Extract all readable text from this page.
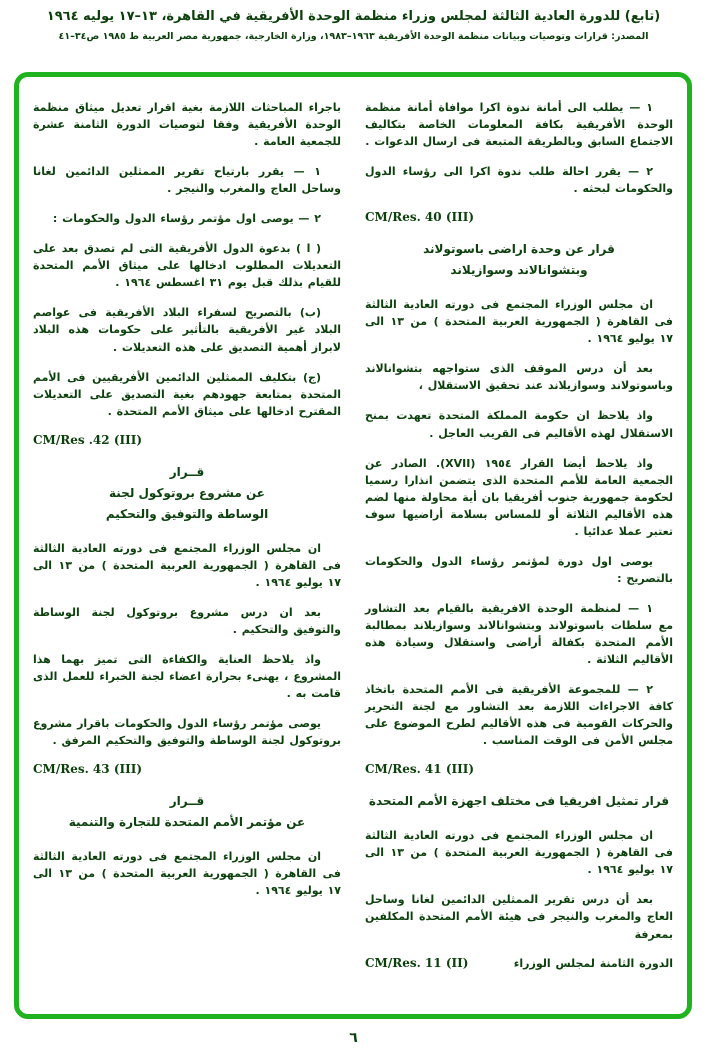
(تابع) للدورة العادية الثالثة لمجلس وزراء منظمة الوحدة الأفريقية في القاهرة، ١٣–١٧ يوليه ١٩٦٤
المصدر: قرارات وتوصيات وبيانات منظمة الوحدة الأفريقية ١٩٦٣–١٩٨٣، وزارة الخارجية، جمهورية مصر العربية ط ١٩٨٥ ص٣٤–٤١
١ — يطلب الى أمانة ندوة اكرا موافاة أمانة منظمة الوحدة الأفريقية بكافة المعلومات الخاصة بتكاليف الاجتماع السابق وبالطريقة المتبعة فى ارسال الدعوات .
٢ — يقرر احالة طلب ندوة اكرا الى رؤساء الدول والحكومات لبحثه .
CM/Res. 40 (III)
قرار عن وحدة اراضى باسوتولاند
وبتشوانالاند وسوازيلاند
ان مجلس الوزراء المجتمع فى دورته العادية الثالثة فى القاهرة ( الجمهورية العربية المتحدة ) من ١٣ الى ١٧ يوليو ١٩٦٤ .
بعد أن درس الموقف الذى ستواجهه بتشوانالاند وباسوتولاند وسوازيلاند عند تحقيق الاستقلال ،
واذ يلاحظ ان حكومة المملكة المتحدة تعهدت بمنح الاستقلال لهذه الأقاليم فى القريب العاجل .
واذ يلاحظ أيضا القرار ١٩٥٤ (XVII). الصادر عن الجمعية العامة للأمم المتحدة الذى يتضمن انذارا رسميا لحكومة جمهورية جنوب أفريقيا بان أية محاولة منها لضم هذه الأقاليم الثلاثة أو للمساس بسلامة أراضيها سوف تعتبر عملا عدائيا .
يوصى اول دورة لمؤتمر رؤساء الدول والحكومات بالتصريح :
١ — لمنظمة الوحدة الافريقية بالقيام بعد التشاور مع سلطات باسوتولاند وبتشوانالاند وسوازيلاند بمطالبة الأمم المتحدة بكفالة أراضى واستقلال وسيادة هذه الأقاليم الثلاثة .
٢ — للمجموعة الأفريقية فى الأمم المتحدة باتخاذ كافة الاجراءات اللازمة بعد التشاور مع لجنة التحرير والحركات القومية فى هذه الأقاليم لطرح الموضوع على مجلس الأمن فى الوقت المناسب .
CM/Res. 41 (III)
قرار تمثيل افريقيا فى مختلف اجهزة الأمم المتحدة
ان مجلس الوزراء المجتمع فى دورته العادية الثالثة فى القاهرة ( الجمهورية العربية المتحدة ) من ١٣ الى ١٧ يوليو ١٩٦٤ .
بعد أن درس تقرير الممثلين الدائمين لغانا وساحل العاج والمغرب والنيجر فى هيئة الأمم المتحدة المكلفين بمعرفة
CM/Res. 11 (II)	الدورة الثامنة لمجلس الوزراء
باجراء المباحثات اللازمة بغية اقرار تعديل ميثاق منظمة الوحدة الأفريقية وفقا لتوصيات الدورة الثامنة عشرة للجمعية العامة .
١ — يقرر بارتياح تقرير الممثلين الدائمين لغانا وساحل العاج والمغرب والنيجر .
٢ — يوصى اول مؤتمر رؤساء الدول والحكومات :
( ا ) بدعوة الدول الأفريقية التى لم تصدق بعد على التعديلات المطلوب ادخالها على ميثاق الأمم المتحدة للقيام بذلك قبل يوم ٣١ اغسطس ١٩٦٤ .
(ب) بالتصريح لسفراء البلاد الأفريقية فى عواصم البلاد غير الأفريقية بالتأثير على حكومات هذه البلاد لابراز أهمية التصديق على هذه التعديلات .
(ج) بتكليف الممثلين الدائمين الأفريقيين فى الأمم المتحدة بمتابعة جهودهم بغية التصديق على التعديلات المقترح ادخالها على ميثاق الأمم المتحدة .
CM/Res .42 (III)
قــرار
عن مشروع بروتوكول لجنة
الوساطة والتوفيق والتحكيم
ان مجلس الوزراء المجتمع فى دورته العادية الثالثة فى القاهرة ( الجمهورية العربية المتحدة ) من ١٣ الى ١٧ يوليو ١٩٦٤ .
بعد ان درس مشروع بروتوكول لجنة الوساطة والتوفيق والتحكيم .
واذ يلاحظ العناية والكفاءة التى تميز بهما هذا المشروع ، يهنىء بحرارة اعضاء لجنة الخبراء للعمل الذى قامت به .
يوصى مؤتمر رؤساء الدول والحكومات باقرار مشروع بروتوكول لجنة الوساطة والتوفيق والتحكيم المرفق .
CM/Res. 43 (III)
قــرار
عن مؤتمر الأمم المتحدة للتجارة والتنمية
ان مجلس الوزراء المجتمع فى دورته العادية الثالثة فى القاهرة ( الجمهورية العربية المتحدة ) من ١٣ الى ١٧ يوليو ١٩٦٤ .
٦
